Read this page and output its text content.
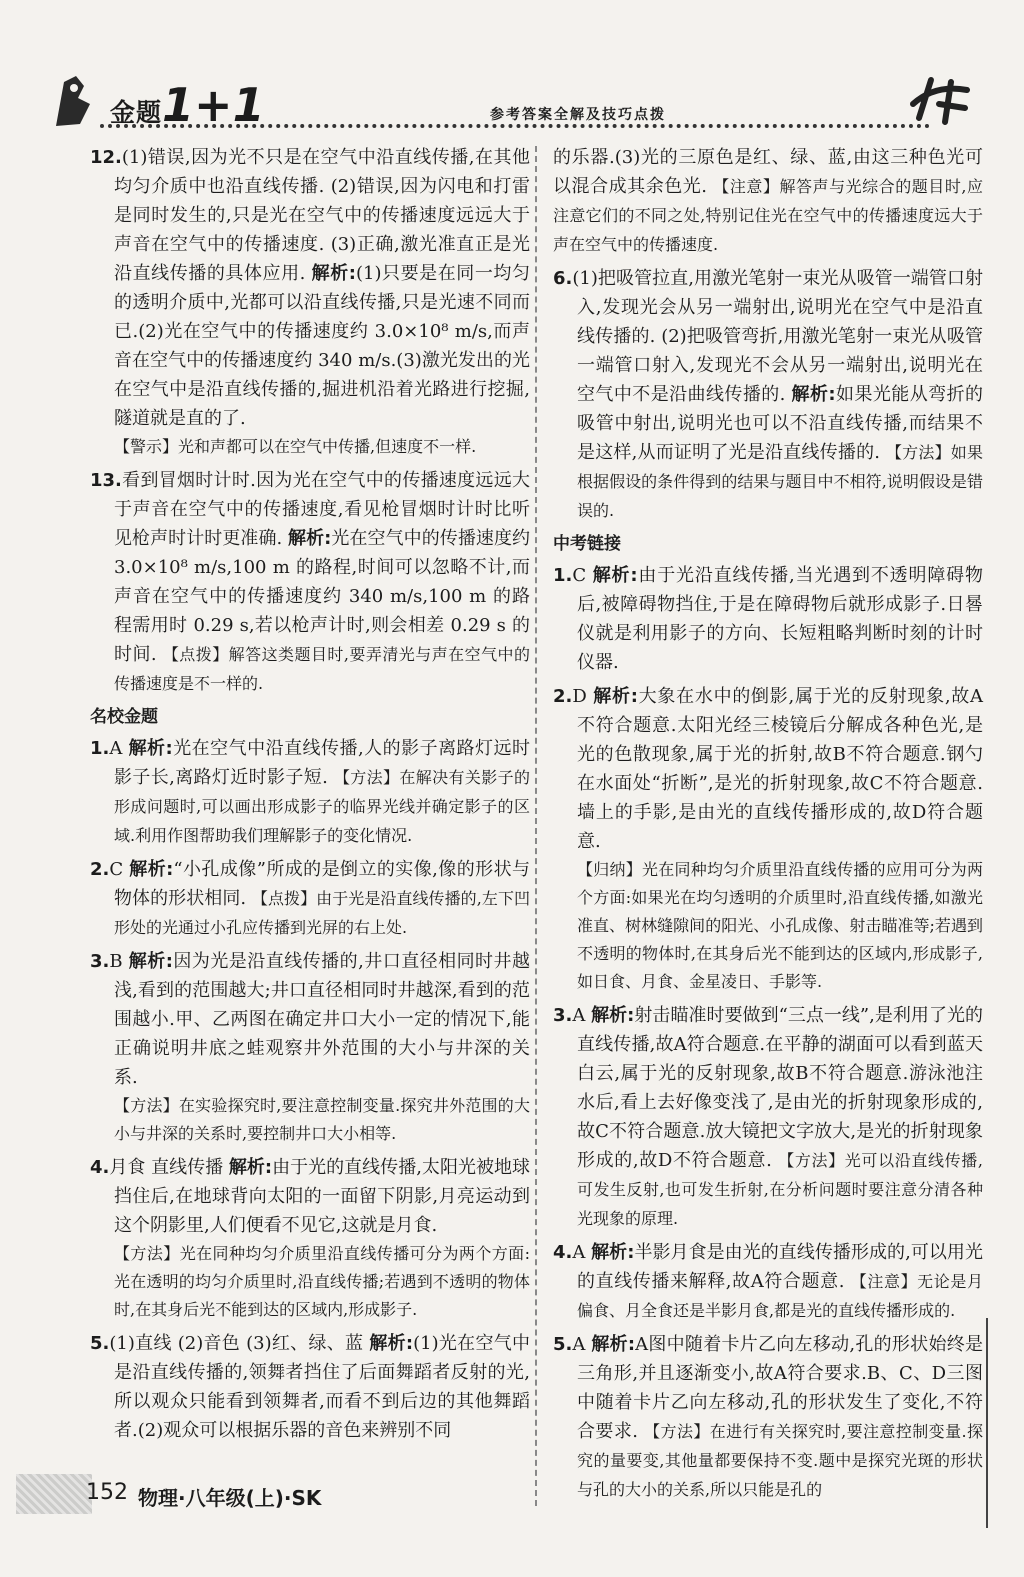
金题1+1	参考答案全解及技巧点拨
12.(1)错误,因为光不只是在空气中沿直线传播,在其他均匀介质中也沿直线传播. (2)错误,因为闪电和打雷是同时发生的,只是光在空气中的传播速度远远大于声音在空气中的传播速度. (3)正确,激光准直正是光沿直线传播的具体应用. 解析:(1)只要是在同一均匀的透明介质中,光都可以沿直线传播,只是光速不同而已.(2)光在空气中的传播速度约 3.0×10⁸ m/s,而声音在空气中的传播速度约 340 m/s.(3)激光发出的光在空气中是沿直线传播的,掘进机沿着光路进行挖掘,隧道就是直的了.
【警示】光和声都可以在空气中传播,但速度不一样.
13.看到冒烟时计时.因为光在空气中的传播速度远远大于声音在空气中的传播速度,看见枪冒烟时计时比听见枪声时计时更准确. 解析:光在空气中的传播速度约 3.0×10⁸ m/s,100 m 的路程,时间可以忽略不计,而声音在空气中的传播速度约 340 m/s,100 m 的路程需用时 0.29 s,若以枪声计时,则会相差 0.29 s 的时间. 【点拨】解答这类题目时,要弄清光与声在空气中的传播速度是不一样的.
名校金题
1.A 解析:光在空气中沿直线传播,人的影子离路灯远时影子长,离路灯近时影子短. 【方法】在解决有关影子的形成问题时,可以画出形成影子的临界光线并确定影子的区域.利用作图帮助我们理解影子的变化情况.
2.C 解析:“小孔成像”所成的是倒立的实像,像的形状与物体的形状相同. 【点拨】由于光是沿直线传播的,左下凹形处的光通过小孔应传播到光屏的右上处.
3.B 解析:因为光是沿直线传播的,井口直径相同时井越浅,看到的范围越大;井口直径相同时井越深,看到的范围越小.甲、乙两图在确定井口大小一定的情况下,能正确说明井底之蛙观察井外范围的大小与井深的关系.
【方法】在实验探究时,要注意控制变量.探究井外范围的大小与井深的关系时,要控制井口大小相等.
4.月食 直线传播 解析:由于光的直线传播,太阳光被地球挡住后,在地球背向太阳的一面留下阴影,月亮运动到这个阴影里,人们便看不见它,这就是月食.
【方法】光在同种均匀介质里沿直线传播可分为两个方面:光在透明的均匀介质里时,沿直线传播;若遇到不透明的物体时,在其身后光不能到达的区域内,形成影子.
5.(1)直线 (2)音色 (3)红、绿、蓝 解析:(1)光在空气中是沿直线传播的,领舞者挡住了后面舞蹈者反射的光,所以观众只能看到领舞者,而看不到后边的其他舞蹈者.(2)观众可以根据乐器的音色来辨别不同
的乐器.(3)光的三原色是红、绿、蓝,由这三种色光可以混合成其余色光. 【注意】解答声与光综合的题目时,应注意它们的不同之处,特别记住光在空气中的传播速度远大于声在空气中的传播速度.
6.(1)把吸管拉直,用激光笔射一束光从吸管一端管口射入,发现光会从另一端射出,说明光在空气中是沿直线传播的. (2)把吸管弯折,用激光笔射一束光从吸管一端管口射入,发现光不会从另一端射出,说明光在空气中不是沿曲线传播的. 解析:如果光能从弯折的吸管中射出,说明光也可以不沿直线传播,而结果不是这样,从而证明了光是沿直线传播的. 【方法】如果根据假设的条件得到的结果与题目中不相符,说明假设是错误的.
中考链接
1.C 解析:由于光沿直线传播,当光遇到不透明障碍物后,被障碍物挡住,于是在障碍物后就形成影子.日晷仪就是利用影子的方向、长短粗略判断时刻的计时仪器.
2.D 解析:大象在水中的倒影,属于光的反射现象,故A不符合题意.太阳光经三棱镜后分解成各种色光,是光的色散现象,属于光的折射,故B不符合题意.钢勺在水面处“折断”,是光的折射现象,故C不符合题意.墙上的手影,是由光的直线传播形成的,故D符合题意.
【归纳】光在同种均匀介质里沿直线传播的应用可分为两个方面:如果光在均匀透明的介质里时,沿直线传播,如激光准直、树林缝隙间的阳光、小孔成像、射击瞄准等;若遇到不透明的物体时,在其身后光不能到达的区域内,形成影子,如日食、月食、金星凌日、手影等.
3.A 解析:射击瞄准时要做到“三点一线”,是利用了光的直线传播,故A符合题意.在平静的湖面可以看到蓝天白云,属于光的反射现象,故B不符合题意.游泳池注水后,看上去好像变浅了,是由光的折射现象形成的,故C不符合题意.放大镜把文字放大,是光的折射现象形成的,故D不符合题意. 【方法】光可以沿直线传播,可发生反射,也可发生折射,在分析问题时要注意分清各种光现象的原理.
4.A 解析:半影月食是由光的直线传播形成的,可以用光的直线传播来解释,故A符合题意. 【注意】无论是月偏食、月全食还是半影月食,都是光的直线传播形成的.
5.A 解析:A图中随着卡片乙向左移动,孔的形状始终是三角形,并且逐渐变小,故A符合要求.B、C、D三图中随着卡片乙向左移动,孔的形状发生了变化,不符合要求. 【方法】在进行有关探究时,要注意控制变量.探究的量要变,其他量都要保持不变.题中是探究光斑的形状与孔的大小的关系,所以只能是孔的
152 物理·八年级(上)·SK
